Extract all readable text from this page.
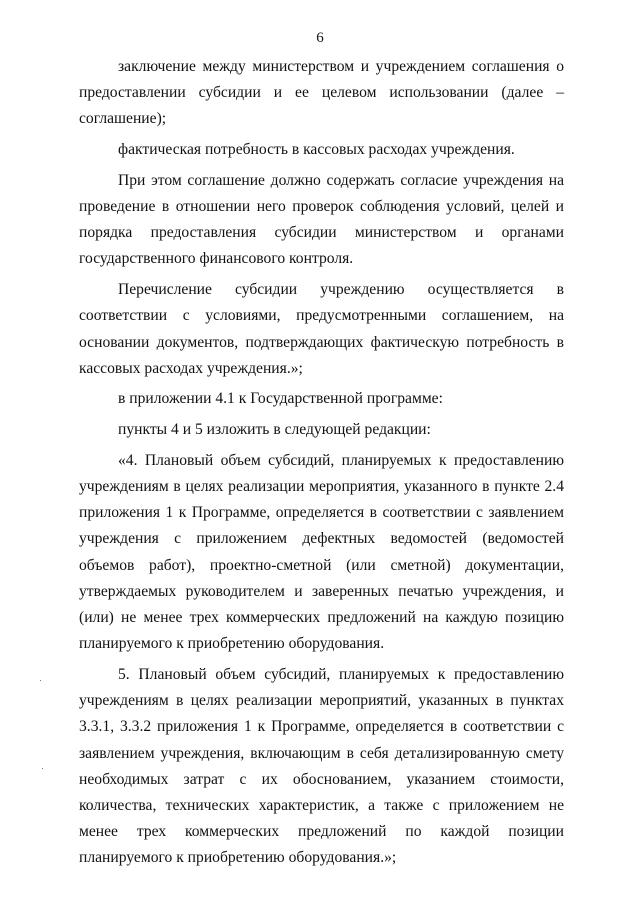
6

заключение между министерством и учреждением соглашения о предоставлении субсидии и ее целевом использовании (далее – соглашение);

фактическая потребность в кассовых расходах учреждения.

При этом соглашение должно содержать согласие учреждения на проведение в отношении него проверок соблюдения условий, целей и порядка предоставления субсидии министерством и органами государственного финансового контроля.

Перечисление субсидии учреждению осуществляется в соответствии с условиями, предусмотренными соглашением, на основании документов, подтверждающих фактическую потребность в кассовых расходах учреждения.»;

в приложении 4.1 к Государственной программе:

пункты 4 и 5 изложить в следующей редакции:

«4. Плановый объем субсидий, планируемых к предоставлению учреждениям в целях реализации мероприятия, указанного в пункте 2.4 приложения 1 к Программе, определяется в соответствии с заявлением учреждения с приложением дефектных ведомостей (ведомостей объемов работ), проектно-сметной (или сметной) документации, утверждаемых руководителем и заверенных печатью учреждения, и (или) не менее трех коммерческих предложений на каждую позицию планируемого к приобретению оборудования.

5. Плановый объем субсидий, планируемых к предоставлению учреждениям в целях реализации мероприятий, указанных в пунктах 3.3.1, 3.3.2 приложения 1 к Программе, определяется в соответствии с заявлением учреждения, включающим в себя детализированную смету необходимых затрат с их обоснованием, указанием стоимости, количества, технических характеристик, а также с приложением не менее трех коммерческих предложений по каждой позиции планируемого к приобретению оборудования.»;
